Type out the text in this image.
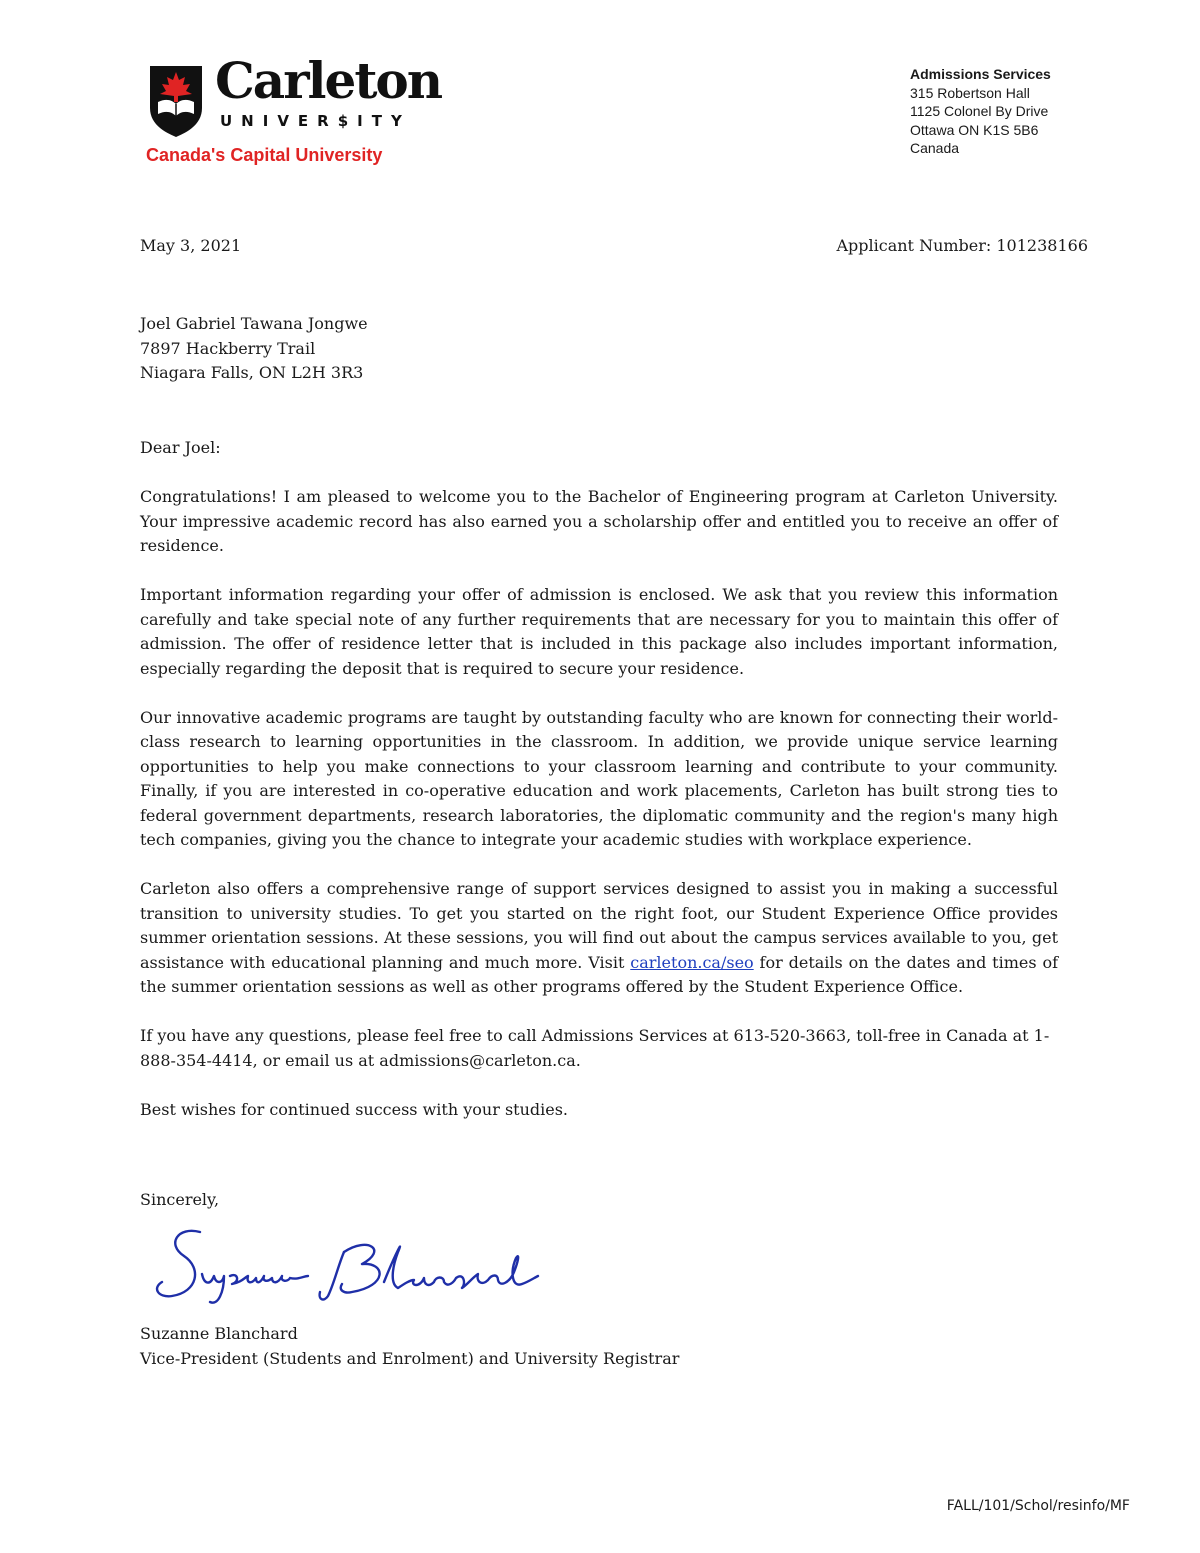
Carleton
UNIVER$ITY
Canada's Capital University
Admissions Services
315 Robertson Hall
1125 Colonel By Drive
Ottawa ON K1S 5B6
Canada
May 3, 2021	Applicant Number: 101238166
Joel Gabriel Tawana Jongwe
7897 Hackberry Trail
Niagara Falls, ON L2H 3R3

Dear Joel:

Congratulations! I am pleased to welcome you to the Bachelor of Engineering program at Carleton University. Your impressive academic record has also earned you a scholarship offer and entitled you to receive an offer of residence.

Important information regarding your offer of admission is enclosed. We ask that you review this information carefully and take special note of any further requirements that are necessary for you to maintain this offer of admission. The offer of residence letter that is included in this package also includes important information, especially regarding the deposit that is required to secure your residence.

Our innovative academic programs are taught by outstanding faculty who are known for connecting their world-class research to learning opportunities in the classroom. In addition, we provide unique service learning opportunities to help you make connections to your classroom learning and contribute to your community. Finally, if you are interested in co-operative education and work placements, Carleton has built strong ties to federal government departments, research laboratories, the diplomatic community and the region's many high tech companies, giving you the chance to integrate your academic studies with workplace experience.

Carleton also offers a comprehensive range of support services designed to assist you in making a successful transition to university studies. To get you started on the right foot, our Student Experience Office provides summer orientation sessions. At these sessions, you will find out about the campus services available to you, get assistance with educational planning and much more. Visit carleton.ca/seo for details on the dates and times of the summer orientation sessions as well as other programs offered by the Student Experience Office.

If you have any questions, please feel free to call Admissions Services at 613-520-3663, toll-free in Canada at 1-888-354-4414, or email us at admissions@carleton.ca.

Best wishes for continued success with your studies.

Sincerely,
Suzanne Blanchard
Vice-President (Students and Enrolment) and University Registrar
FALL/101/Schol/resinfo/MF
